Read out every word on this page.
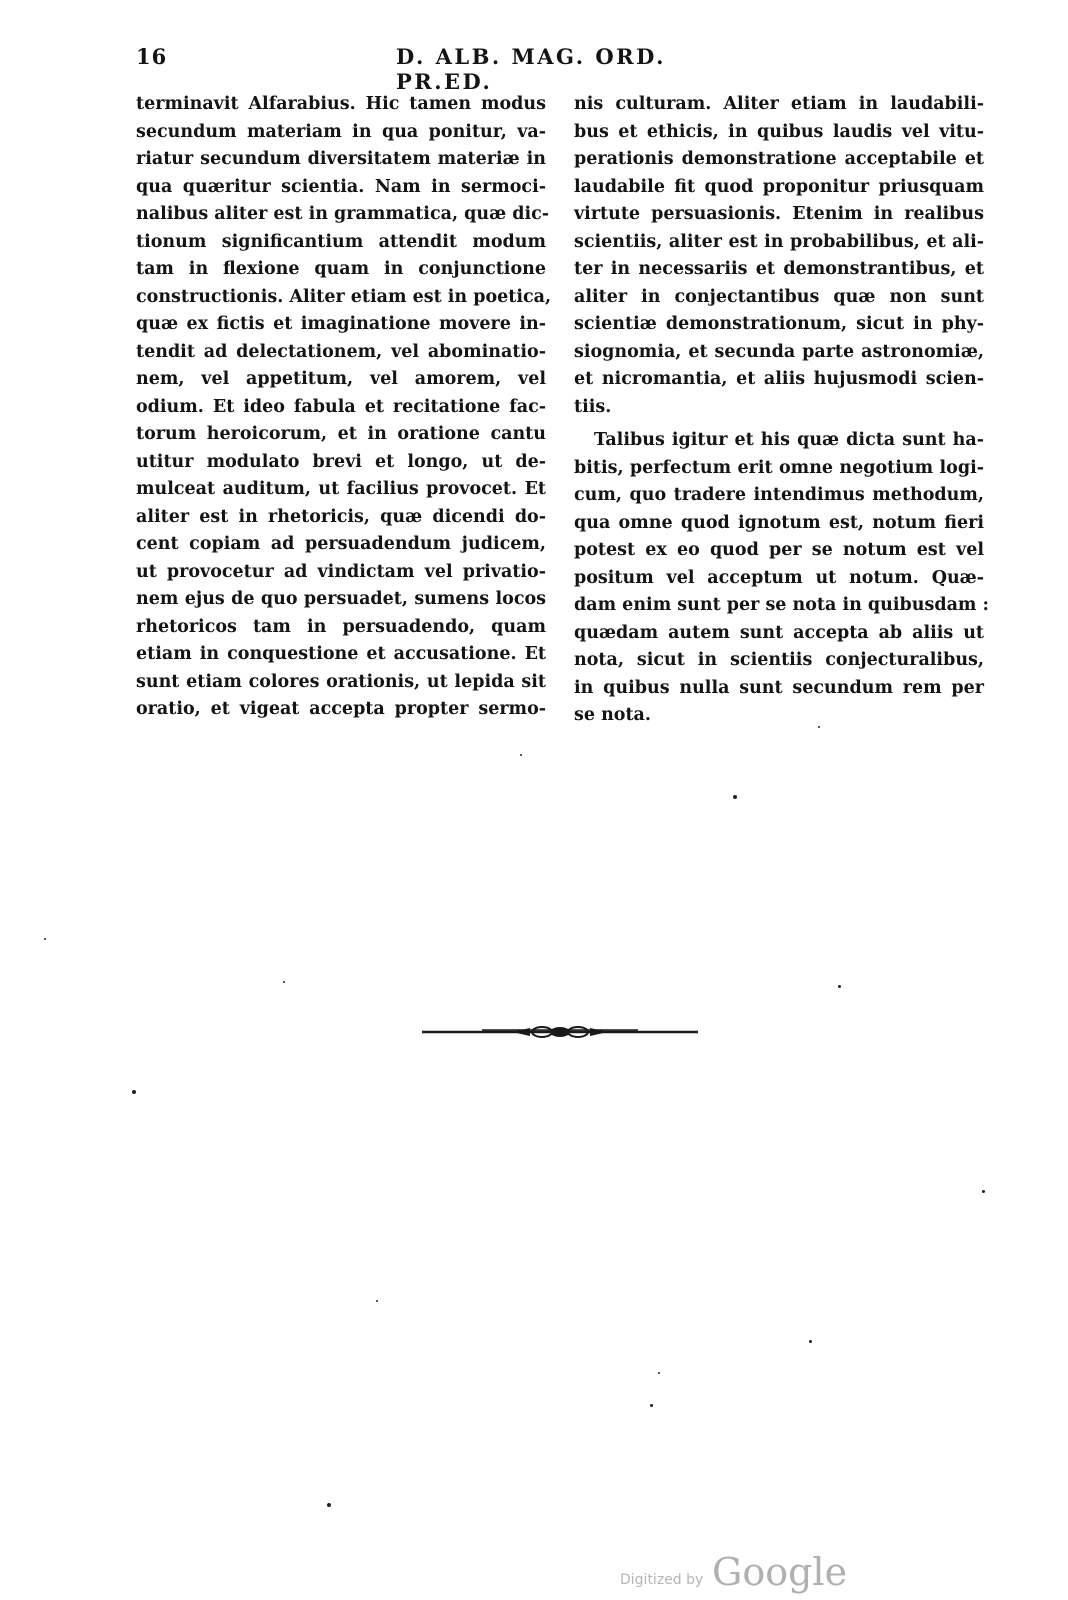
16	D. ALB. MAG. ORD. PR.ED.
terminavit Alfarabius. Hic tamen modus
secundum materiam in qua ponitur, va-
riatur secundum diversitatem materiæ in
qua quæritur scientia. Nam in sermoci-
nalibus aliter est in grammatica, quæ dic-
tionum significantium attendit modum
tam in flexione quam in conjunctione
constructionis. Aliter etiam est in poetica,
quæ ex fictis et imaginatione movere in-
tendit ad delectationem, vel abominatio-
nem, vel appetitum, vel amorem, vel
odium. Et ideo fabula et recitatione fac-
torum heroicorum, et in oratione cantu
utitur modulato brevi et longo, ut de-
mulceat auditum, ut facilius provocet. Et
aliter est in rhetoricis, quæ dicendi do-
cent copiam ad persuadendum judicem,
ut provocetur ad vindictam vel privatio-
nem ejus de quo persuadet, sumens locos
rhetoricos tam in persuadendo, quam
etiam in conquestione et accusatione. Et
sunt etiam colores orationis, ut lepida sit
oratio, et vigeat accepta propter sermo-
nis culturam. Aliter etiam in laudabili-
bus et ethicis, in quibus laudis vel vitu-
perationis demonstratione acceptabile et
laudabile fit quod proponitur priusquam
virtute persuasionis. Etenim in realibus
scientiis, aliter est in probabilibus, et ali-
ter in necessariis et demonstrantibus, et
aliter in conjectantibus quæ non sunt
scientiæ demonstrationum, sicut in phy-
siognomia, et secunda parte astronomiæ,
et nicromantia, et aliis hujusmodi scien-
tiis.
Talibus igitur et his quæ dicta sunt ha-
bitis, perfectum erit omne negotium logi-
cum, quo tradere intendimus methodum,
qua omne quod ignotum est, notum fieri
potest ex eo quod per se notum est vel
positum vel acceptum ut notum. Quæ-
dam enim sunt per se nota in quibusdam :
quædam autem sunt accepta ab aliis ut
nota, sicut in scientiis conjecturalibus,
in quibus nulla sunt secundum rem per
se nota.
Digitized by Google
